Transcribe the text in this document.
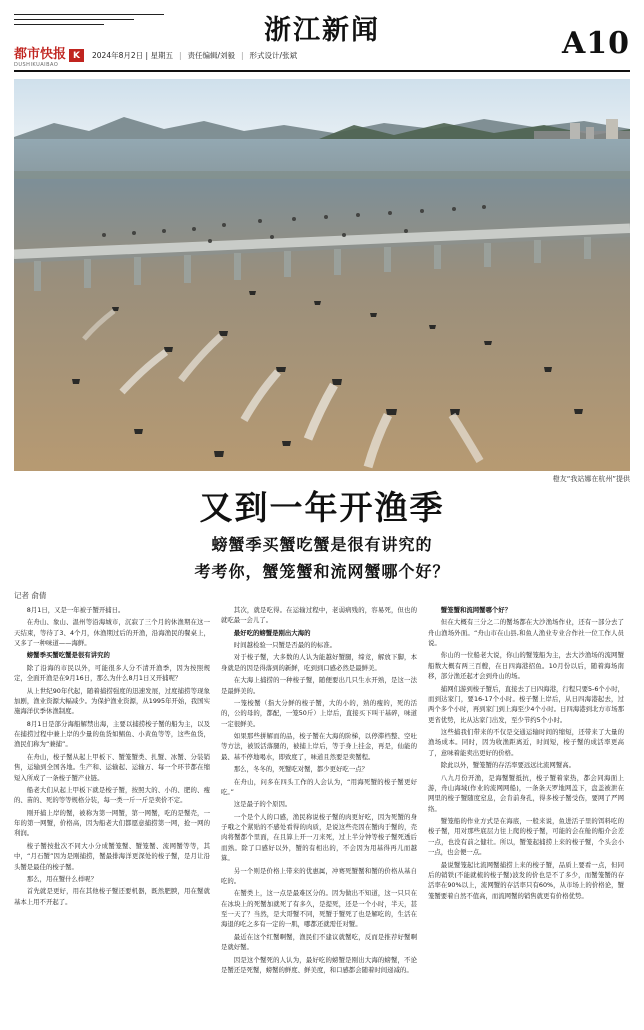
浙江新闻	A10
都市快报
DUSHIKUAIBAO
K	2024年8月2日 | 星期五 | 责任编辑/刘毅 | 形式设计/张斌
橙友“我站娜在杭州”提供
又到一年开渔季
螃蟹季买蟹吃蟹是很有讲究的
考考你，蟹笼蟹和流网蟹哪个好？
记者 俞倩

8月1日，又是一年被子蟹开捕日。

在舟山、象山、温州等沿海城市，沉寂了三个月的休渔期在这一天结束，等待了3、4个月，休渔期过后的开渔，沿海渔民的餐桌上，又多了一种味道——海鲜。

螃蟹季买蟹吃蟹是很有讲究的

除了沿海的市民以外，可能很多人分不清开渔季，因为按照规定，全面开渔是在9月16日，那么为什么8月1日又开捕呢？

从上世纪90年代起，随着捕捞强度的迅速发展，过度捕捞等现象加剧，渔业资源大幅减少。为保护渔业资源，从1995年开始，我国实施海洋伏季休渔制度。

8月1日是部分海船解禁出海，主要以捕捞梭子蟹的船为主，以及在捕捞过程中兼上岸的少量的鱼货如鲳鱼、小黄鱼等等，这些鱼货，渔民们称为“兼捕”。

在舟山，梭子蟹从起上甲板下、蟹笼蟹类、扎蟹、冰蟹、分装销售，运输到全国各地。生产和、运输起、运输万、每一个环节都在缩短入所成了一条梭子蟹产业链。

船老大们从起上甲板下就是梭子蟹，按照大的、小的、肥的、瘦的、苗的、死的等等规格分装，每一类一斤一斤是卖价不定。

刚开捕上岸的蟹，被称为第一网蟹，第一网蟹，吃的是蟹壳，一年的第一网蟹，价格高，因为船老大们都愿意捕捞第一网，抢一网的利润。

梭子蟹按批次不同大小分成蟹笼蟹、蟹笼蟹、流网蟹等等，其中，“月石蟹”因为是刚捕捞，蟹最排海洋更深处的梭子蟹，是月让沿头蟹是最佳的梭子蟹。

那么，用在蟹什么样呢？

首先就是更好，用在其他梭子蟹还要机器，既然肥腴，用在蟹就基本上用不开起了。

其次，就是吃得。在运输过程中，老弱病残的，容易死，但也的就吃最一会儿了。

最好吃的螃蟹是刚出大海的

时间越检验一只蟹是否最的的标准。

对于梭子蟹，大多数的人认为能越好蟹腿，缔竞，解放下脚，本身就是的因是得落到的新鲜，吃到到口感必然是最鲜美。

在大海上捕捞的一种梭子蟹，随便要出几只生水开熟，是这一法是最鲜美的。

一笼梭蟹（指大分鲜的梭子蟹，大的小的，熟的瘦的，死的活的，公的母的，都配，一笼50斤）上岸后，直接买下叫干基碎，味道一定很鲜美。

如果那些拼解而的品，梭子蟹在大海的阶梯，以停滞档整、空吐等方法，被饭活落腿的，被捕上岸后，等于身上挂金，再是，仙能的最、基不停地喝水，即致度了，味道且然要是卖蟹程。

那么，冬冬的，死蟹吃对蟹，都少更好吃一点？

在舟山，问多在四头工作的人会认为，“用海死蟹的梭子蟹更好吃。”

这是最子的个原因。

一个是个人的口感，渔民称说梭子蟹的肉更好吃，因为死蟹的身子哦之个紧贴的不感处看得的肉质，是说这些壳因在蟹肉于蟹的，壳肉将蟹都个里面，在且算上开一刀来死，过上半分钟等梭子蟹死透后而熟。除了口感好以外，蟹的有相出的，不会因为用基得再儿而越算。

另一个则是价格上带来的优惠属，冲赛死蟹蟹和蟹的价格从基自吃的。

在蟹类上，这一点是最难区分的。因为做出不知道，这一只只在在冰块上的死蟹加就死了有多久，是提死，还是一个小时，半天，甚至一天了？当然，是大哥蟹不同，死蟹于蟹死了也是解吃的，生活在海退的吃之多有一定的一肌，哪都还就需任对蟹。

最近在这个红蟹啊蟹，渔民们不建议就蟹吃，反而是推荐好蟹啊是就好蟹。

因是这个蟹死的人认为，最好吃的螃蟹是刚出大海的螃蟹，不论是蟹还是死蟹，螃蟹的鲜度、鲜美度，和口感都会随着时间递减的。

蟹笼蟹和流网蟹哪个好？

但在大概有三分之二的蟹场都在大沙渔场作业，还有一部分去了舟山渔场外面。“舟山市在山县,和鱼人渔业专业合作社一位工作人员说。

你山的一位船老大说，你山的蟹笼船为主，去大沙渔场的流网蟹船数大概有两三百艘，在日四海港招鱼。10月份以后，随着海场南移，部分渔还起才会到舟山的场。

捕网们游到梭子蟹后，直接去了日四海港，行程只要5-6个小时，而到达家门，要16-17个小时。梭子蟹上岸后，从日四海港起去，过两个多个小时，再到家门到上海至少4个小时。日四海港到北方市场那更省优势，比从达家门出发，至少节约5个小时。

这些捕我们带来的不仅是交通运输时间的缩短，还带来了大量的渔场成本。同时，因为收渔距离近，时间短，梭子蟹的成活率更高了，意味着能卖出更好的价格。

除此以外，蟹笼蟹的存活率要远远比流网蟹高。

八九月份开渔，是海蟹蟹抵抗，梭子蟹着家热，都会同海面上游，舟山海域(作业的流网网船)，一条条天罗地网盖下，盘盖被泄在网里的梭子蟹随度窒息，会肯前身孔，得多梭子蟹受伤，要网了严网络。

蟹笼船的作业方式是在海底，一般来说，鱼进活子里的饵料吃的梭子蟹，用对那些底层力往上爬的梭子蟹，可能的会在舱的船介会差一点，也没有前之健壮。所以，蟹笼起捕捞上来的梭子蟹，个头会小一点，也会便一点。

最说蟹笼起比流网蟹捕捞上来的梭子蟹，品质上要看一点，但同后的销铁(不能就梳的梭子蟹)波发的价也是不了多少，而蟹笼蟹的存活率在90%以上，流网蟹的存活率只有60%，从市场上的价格论，蟹笼蟹要着自然不值高，而流网蟹的销售就更有价格优势。
